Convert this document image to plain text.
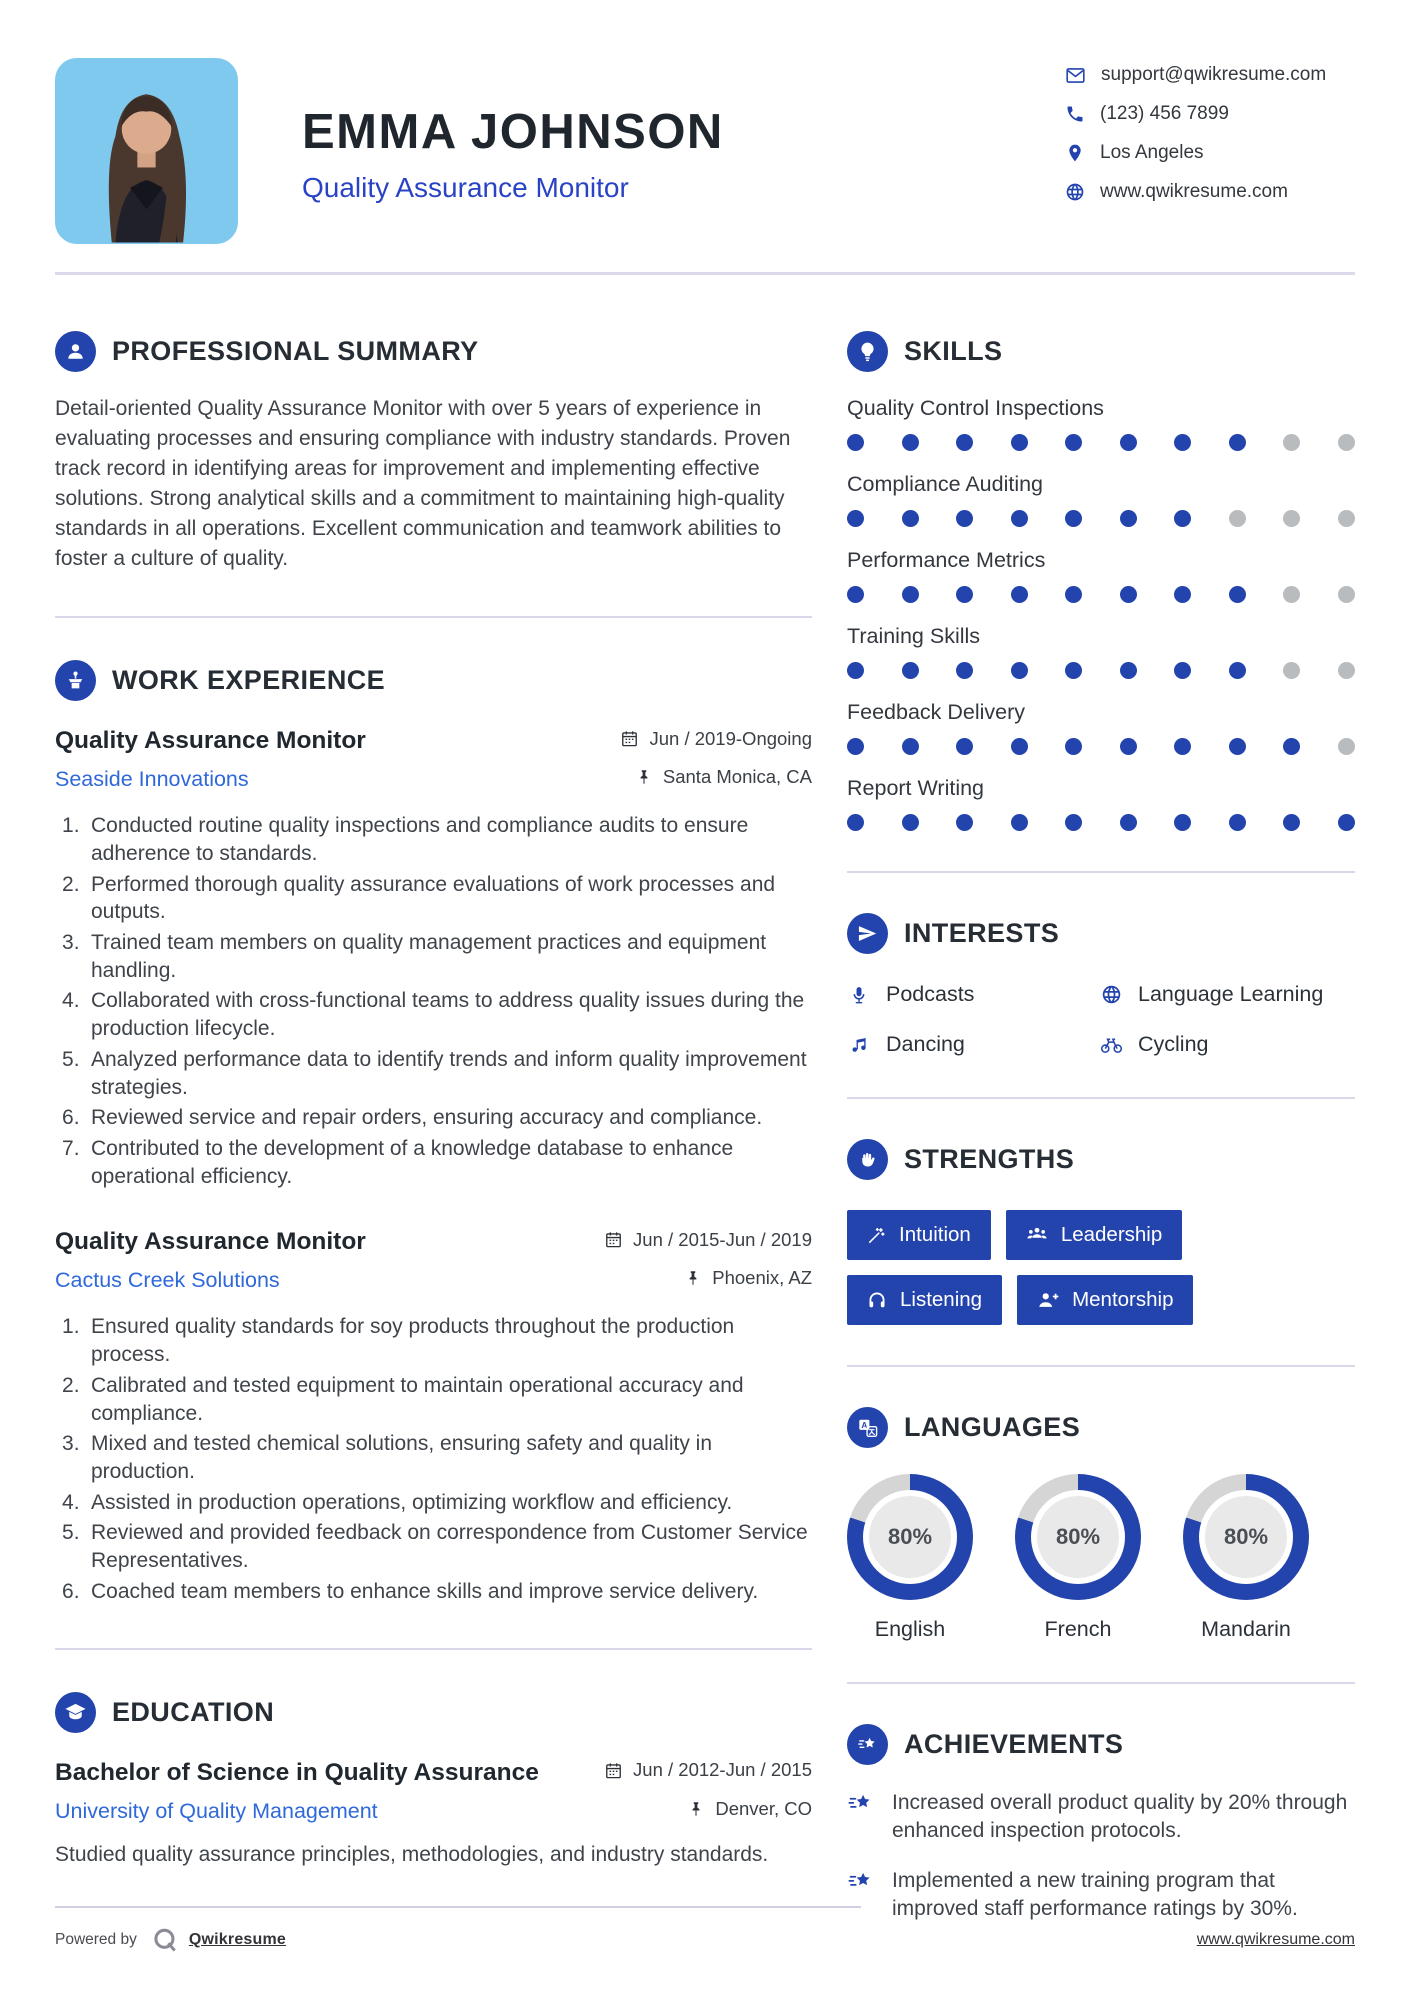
EMMA JOHNSON
Quality Assurance Monitor
support@qwikresume.com
(123) 456 7899
Los Angeles
www.qwikresume.com
PROFESSIONAL SUMMARY
Detail-oriented Quality Assurance Monitor with over 5 years of experience in evaluating processes and ensuring compliance with industry standards. Proven track record in identifying areas for improvement and implementing effective solutions. Strong analytical skills and a commitment to maintaining high-quality standards in all operations. Excellent communication and teamwork abilities to foster a culture of quality.
WORK EXPERIENCE
Quality Assurance Monitor	Jun / 2019-Ongoing
Seaside Innovations	Santa Monica, CA
Conducted routine quality inspections and compliance audits to ensure adherence to standards.
Performed thorough quality assurance evaluations of work processes and outputs.
Trained team members on quality management practices and equipment handling.
Collaborated with cross-functional teams to address quality issues during the production lifecycle.
Analyzed performance data to identify trends and inform quality improvement strategies.
Reviewed service and repair orders, ensuring accuracy and compliance.
Contributed to the development of a knowledge database to enhance operational efficiency.
Quality Assurance Monitor	Jun / 2015-Jun / 2019
Cactus Creek Solutions	Phoenix, AZ
Ensured quality standards for soy products throughout the production process.
Calibrated and tested equipment to maintain operational accuracy and compliance.
Mixed and tested chemical solutions, ensuring safety and quality in production.
Assisted in production operations, optimizing workflow and efficiency.
Reviewed and provided feedback on correspondence from Customer Service Representatives.
Coached team members to enhance skills and improve service delivery.
EDUCATION
Bachelor of Science in Quality Assurance	Jun / 2012-Jun / 2015
University of Quality Management	Denver, CO
Studied quality assurance principles, methodologies, and industry standards.
SKILLS
Quality Control Inspections
Compliance Auditing
Performance Metrics
Training Skills
Feedback Delivery
Report Writing
INTERESTS
Podcasts	Language Learning
Dancing	Cycling
STRENGTHS
Intuition	Leadership
Listening	Mentorship
A LANGUAGES
80%
English
80%
French
80%
Mandarin
ACHIEVEMENTS
Increased overall product quality by 20% through enhanced inspection protocols.
Implemented a new training program that improved staff performance ratings by 30%.
Powered by	Qwikresume	www.qwikresume.com
